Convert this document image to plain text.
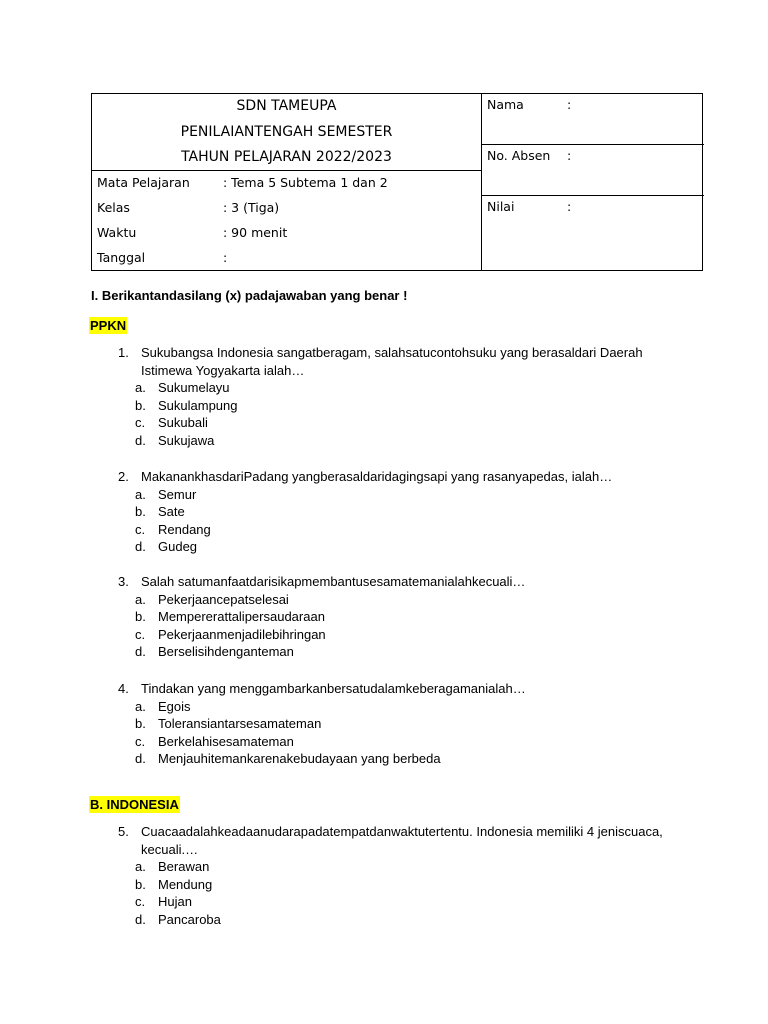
SDN TAMEUPA
PENILAIANTENGAH SEMESTER
TAHUN PELAJARAN 2022/2023
Mata Pelajaran	: Tema 5 Subtema 1 dan 2
Kelas	: 3 (Tiga)
Waktu	: 90 menit
Tanggal	:
Nama	:
No. Absen :
Nilai	:
I. Berikantandasilang (x) padajawaban yang benar !
PPKN
1. Sukubangsa Indonesia sangatberagam, salahsatucontohsuku yang berasaldari Daerah Istimewa Yogyakarta ialah…
a. Sukumelayu
b. Sukulampung
c. Sukubali
d. Sukujawa
2. MakanankhasdariPadang yangberasaldaridagingsapi yang rasanyapedas, ialah…
a. Semur
b. Sate
c. Rendang
d. Gudeg
3. Salah satumanfaatdarisikapmembantusesamatemanialahkecuali…
a. Pekerjaancepatselesai
b. Mempererattalipersaudaraan
c. Pekerjaanmenjadilebihringan
d. Berselisihdenganteman
4. Tindakan yang menggambarkanbersatudalamkeberagamanialah…
a. Egois
b. Toleransiantarsesamateman
c. Berkelahisesamateman
d. Menjauhitemankarenakebudayaan yang berbeda
B. INDONESIA
5. Cuacaadalahkeadaanudarapadatempatdanwaktutertentu. Indonesia memiliki 4 jeniscuaca, kecuali.…
a. Berawan
b. Mendung
c. Hujan
d. Pancaroba
